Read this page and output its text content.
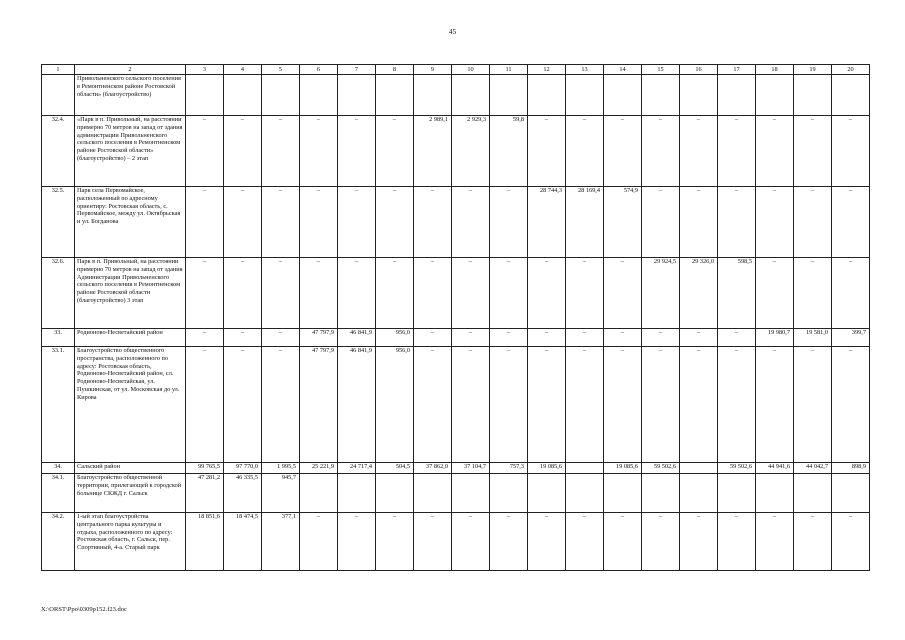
45
1	2	3	4	5	6	7	8	9	10	11	12	13	14	15	16	17	18	19	20
	Привольненского сельского поселения в Ремонтненском районе Ростовской области» (благоустройство)																		
32.4.	«Парк в п. Привольный, на расстоянии примерно 70 метров на запад от здания администрации Привольненского сельского поселения в Ремонтненском районе Ростовской области» (благоустройство) – 2 этап	–	–	–	–	–	–	2 989,1	2 929,3	59,8	–	–	–	–	–	–	–	–	–
32.5.	Парк села Первомайское, расположенный по адресному ориентиру: Ростовская область, с. Первомайское, между ул. Октябрьская и ул. Богданова	–	–	–	–	–	–	–	–	–	28 744,3	28 169,4	574,9	–	–	–	–	–	–
32.6.	Парк в п. Привольный, на расстоянии примерно 70 метров на запад от здания Администрации Привольненского сельского поселения в Ремонтненском районе Ростовской области (благоустройство) 3 этап	–	–	–	–	–	–	–	–	–	–	–	–	29 924,5	29 326,0	598,5	–	–	–
33.	Родионово-Несветайский район	–	–	–	47 797,9	46 841,9	956,0	–	–	–	–	–	–	–	–	–	19 980,7	19 581,0	399,7
33.1.	Благоустройство общественного пространства, расположенного по адресу: Ростовская область, Родионово-Несветайский район, сл. Родионово-Несветайская, ул. Пушкинская, от ул. Московская до ул. Кирова	–	–	–	47 797,9	46 841,9	956,0	–	–	–	–	–	–	–	–	–	–	–	–
34.	Сальский район	99 765,5	97 770,0	1 995,5	25 221,9	24 717,4	504,5	37 862,0	37 104,7	757,3	19 085,6		19 085,6	59 502,6		59 502,6	44 941,6	44 042,7	898,9
34.1.	Благоустройство общественной территории, прилегающей к городской больнице СКЖД г. Сальск	47 281,2	46 335,5	945,7															
34.2.	1-ый этап благоустройства центрального парка культуры и отдыха, расположенного по адресу: Ростовская область, г. Сальск, пер. Спортивный, 4-а. Старый парк	18 851,6	18 474,5	377,1	–	–	–	–	–	–	–	–	–	–	–	–	–	–	–
X:\ORST\Ppo\0309p152.f23.doc
